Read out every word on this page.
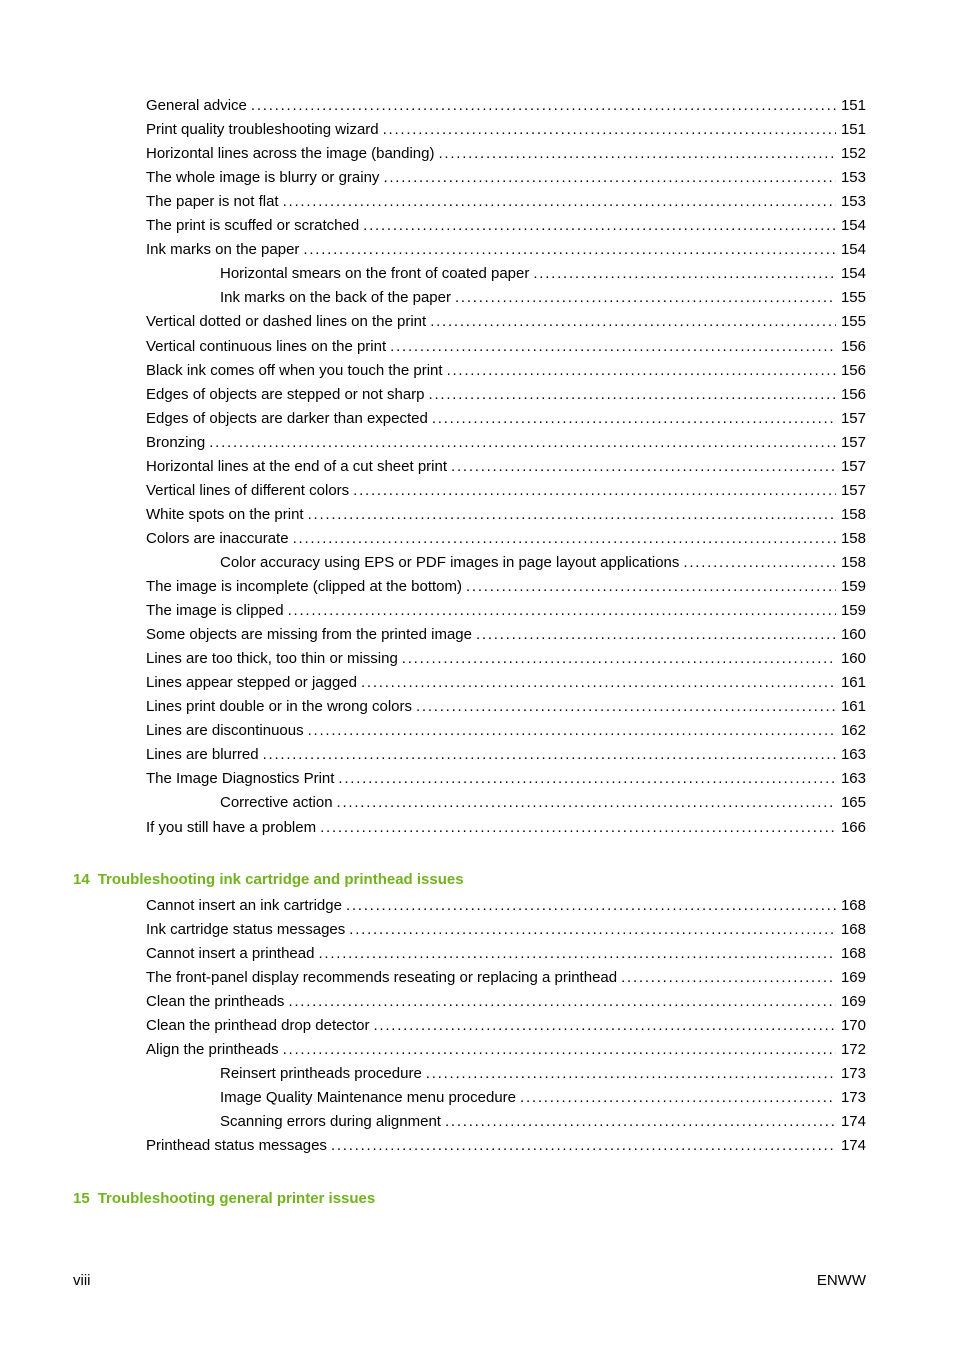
General advice . . .	151
Print quality troubleshooting wizard . . .	151
Horizontal lines across the image (banding) . . .	152
The whole image is blurry or grainy . . .	153
The paper is not flat . . .	153
The print is scuffed or scratched . . .	154
Ink marks on the paper . . .	154
Horizontal smears on the front of coated paper . . .	154
Ink marks on the back of the paper . . .	155
Vertical dotted or dashed lines on the print . . .	155
Vertical continuous lines on the print . . .	156
Black ink comes off when you touch the print . . .	156
Edges of objects are stepped or not sharp . . .	156
Edges of objects are darker than expected . . .	157
Bronzing . . .	157
Horizontal lines at the end of a cut sheet print . . .	157
Vertical lines of different colors . . .	157
White spots on the print . . .	158
Colors are inaccurate . . .	158
Color accuracy using EPS or PDF images in page layout applications . . .	158
The image is incomplete (clipped at the bottom) . . .	159
The image is clipped . . .	159
Some objects are missing from the printed image . . .	160
Lines are too thick, too thin or missing . . .	160
Lines appear stepped or jagged . . .	161
Lines print double or in the wrong colors . . .	161
Lines are discontinuous . . .	162
Lines are blurred . . .	163
The Image Diagnostics Print . . .	163
Corrective action . . .	165
If you still have a problem . . .	166
14 Troubleshooting ink cartridge and printhead issues
Cannot insert an ink cartridge . . .	168
Ink cartridge status messages . . .	168
Cannot insert a printhead . . .	168
The front-panel display recommends reseating or replacing a printhead . . .	169
Clean the printheads . . .	169
Clean the printhead drop detector . . .	170
Align the printheads . . .	172
Reinsert printheads procedure . . .	173
Image Quality Maintenance menu procedure . . .	173
Scanning errors during alignment . . .	174
Printhead status messages . . .	174
15 Troubleshooting general printer issues
viii	ENWW
